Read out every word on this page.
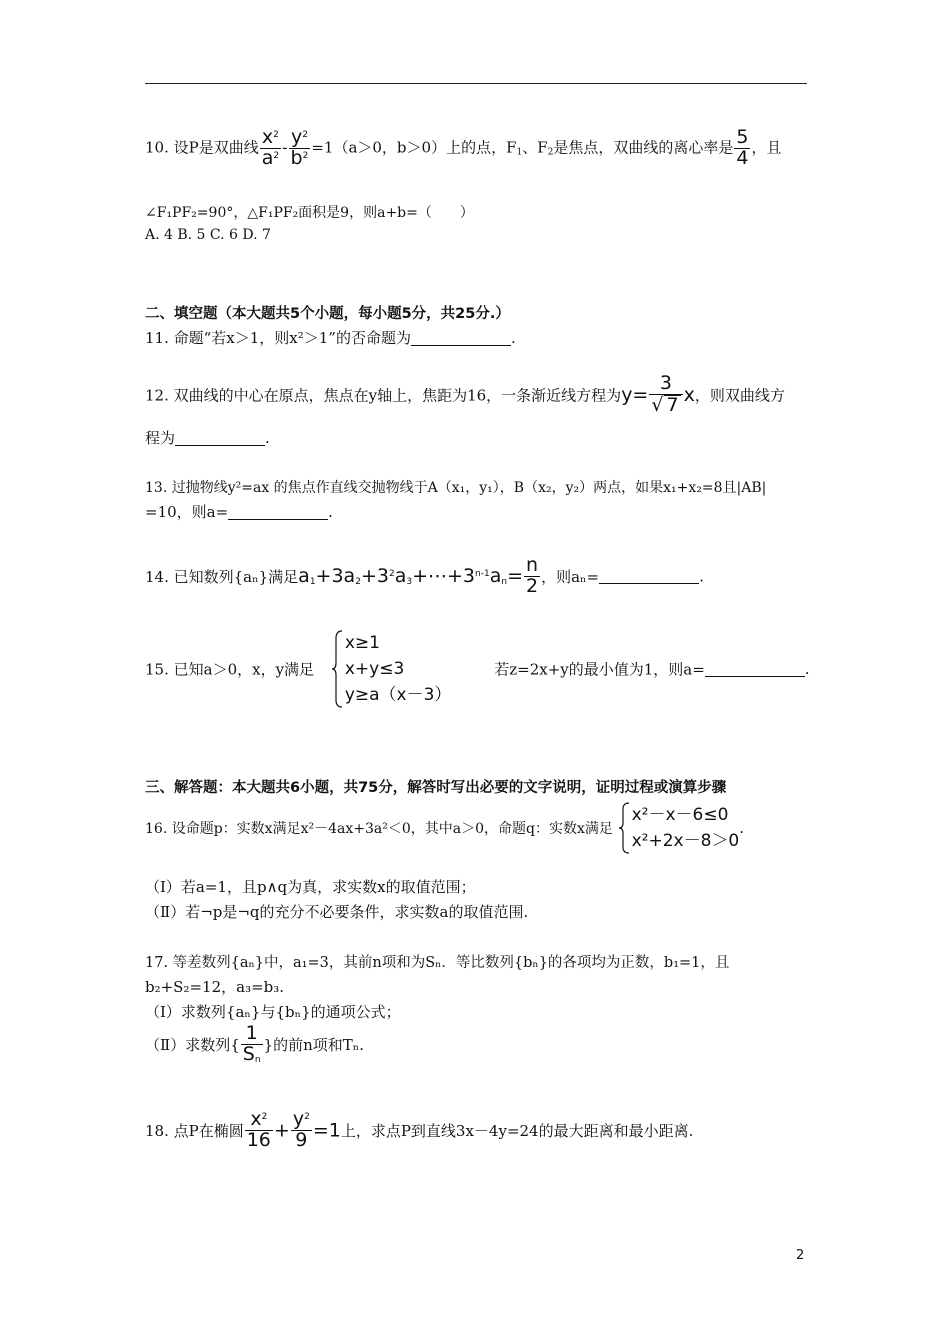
10. 设P是双曲线 $\frac{x^2}{a^2} - \frac{y^2}{b^2} =1(a>0$，b＞0）上的点，$F_1$、$F_2$是焦点，双曲线的离心率是 $\frac{5}{4}$ ，且
∠F₁PF₂=90°，△F₁PF₂面积是9，则a+b=（　　）
A. 4 B. 5 C. 6 D. 7
二、填空题（本大题共5个小题，每小题5分，共25分.）
11. 命题“若x＞1，则x²＞1”的否命题为	.
12. 双曲线的中心在原点，焦点在y轴上，焦距为16，一条渐近线方程为$y= \frac{3}{√ 7}$ x，则双曲线方
程为	.
13. 过抛物线y²=ax 的焦点作直线交抛物线于A（x₁，y₁），B（x₂，y₂）两点，如果x₁+x₂=8且|AB|
=10，则a=	.
14. 已知数列{aₙ}满足$a_1+3a_2+3^2a_3+\cdots+3^{n-1}a_n= \frac{n}{2}$ ，则aₙ=	.
15. 已知a＞0，x，y满足
x≥1
x+y≤3
y≥a（x－3）
若z=2x+y的最小值为1，则a=	.
三、解答题：本大题共6小题，共75分，解答时写出必要的文字说明，证明过程或演算步骤
16. 设命题p：实数x满足x²－4ax+3a²＜0，其中a＞0，命题q：实数x满足
x²－x－6≤0
x²+2x－8＞0
.
（Ⅰ）若a=1，且p∧q为真，求实数x的取值范围；
（Ⅱ）若¬p是¬q的充分不必要条件，求实数a的取值范围.
17. 等差数列{aₙ}中，a₁=3，其前n项和为Sₙ．等比数列{bₙ}的各项均为正数，b₁=1，且
b₂+S₂=12，a₃=b₃.
（Ⅰ）求数列{aₙ}与{bₙ}的通项公式；
（Ⅱ）求数列{ $\frac{1}{S_n}$ }的前n项和Tₙ.
18. 点P在椭圆 $\frac{x^2}{16} + \frac{y^2}{9} =1$上，求点P到直线3x－4y=24的最大距离和最小距离.
2
